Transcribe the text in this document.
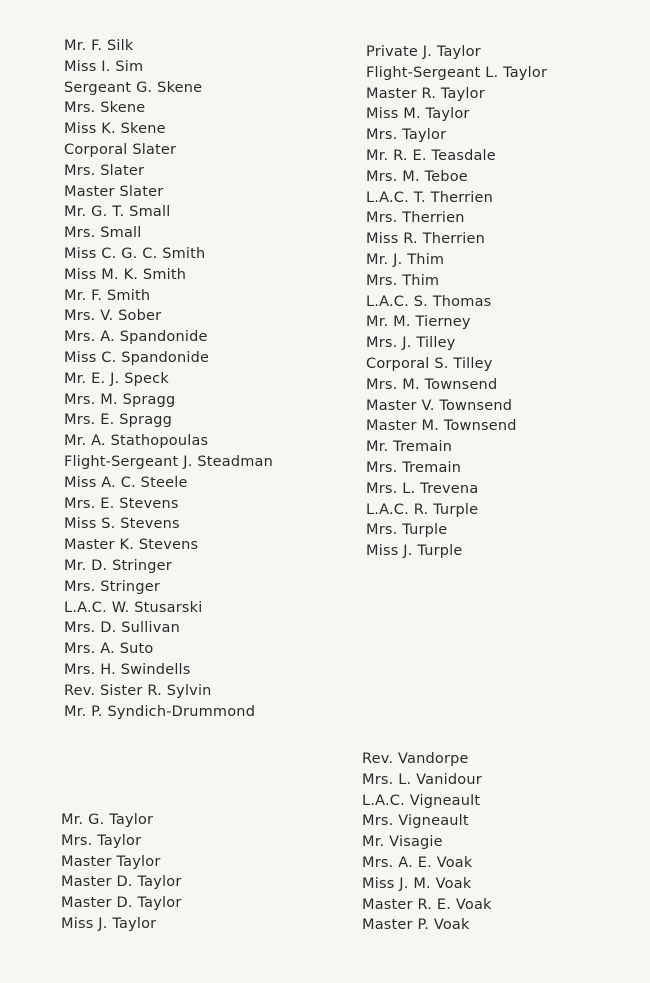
Mr. F. Silk
Miss I. Sim
Sergeant G. Skene
Mrs. Skene
Miss K. Skene
Corporal Slater
Mrs. Slater
Master Slater
Mr. G. T. Small
Mrs. Small
Miss C. G. C. Smith
Miss M. K. Smith
Mr. F. Smith
Mrs. V. Sober
Mrs. A. Spandonide
Miss C. Spandonide
Mr. E. J. Speck
Mrs. M. Spragg
Mrs. E. Spragg
Mr. A. Stathopoulas
Flight-Sergeant J. Steadman
Miss A. C. Steele
Mrs. E. Stevens
Miss S. Stevens
Master K. Stevens
Mr. D. Stringer
Mrs. Stringer
L.A.C. W. Stusarski
Mrs. D. Sullivan
Mrs. A. Suto
Mrs. H. Swindells
Rev. Sister R. Sylvin
Mr. P. Syndich-Drummond
Private J. Taylor
Flight-Sergeant L. Taylor
Master R. Taylor
Miss M. Taylor
Mrs. Taylor
Mr. R. E. Teasdale
Mrs. M. Teboe
L.A.C. T. Therrien
Mrs. Therrien
Miss R. Therrien
Mr. J. Thim
Mrs. Thim
L.A.C. S. Thomas
Mr. M. Tierney
Mrs. J. Tilley
Corporal S. Tilley
Mrs. M. Townsend
Master V. Townsend
Master M. Townsend
Mr. Tremain
Mrs. Tremain
Mrs. L. Trevena
L.A.C. R. Turple
Mrs. Turple
Miss J. Turple
Mr. G. Taylor
Mrs. Taylor
Master Taylor
Master D. Taylor
Master D. Taylor
Miss J. Taylor
Rev. Vandorpe
Mrs. L. Vanidour
L.A.C. Vigneault
Mrs. Vigneault
Mr. Visagie
Mrs. A. E. Voak
Miss J. M. Voak
Master R. E. Voak
Master P. Voak
